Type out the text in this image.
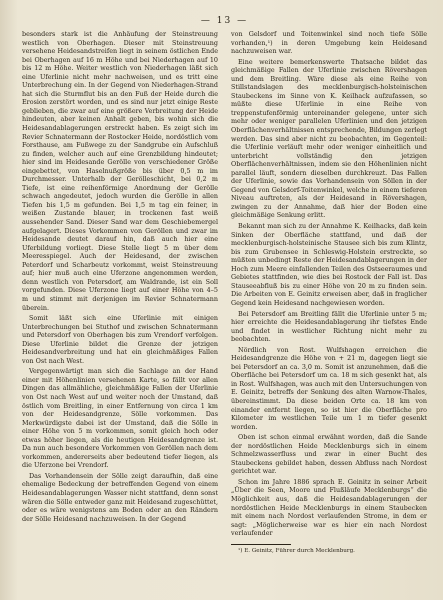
— 13 —

besonders stark ist die Anhäufung der Steinstreuung westlich von Oberhagen. Dieser mit Steinstreuung versehene Heidesandstreifen liegt in seinem östlichen Ende bei Oberhagen auf 16 m Höhe und bei Niederhagen auf 10 bis 12 m Höhe. Weiter westlich von Niederhagen läßt sich eine Uferlinie nicht mehr nachweisen, und es tritt eine Unterbrechung ein. In der Gegend von Niederhagen-Strand hat sich die Sturmflut bis an den Fuß der Heide durch die Erosion zerstört worden, und es sind nur jetzt einige Reste geblieben, die zwar auf eine größere Verbreitung der Heide hindeuten, aber keinen Anhalt geben, bis wohin sich die Heidesandablagerungen erstreckt haben. Es zeigt sich im Revier Schnatermann der Rostocker Heide, nordöstlich vom Forsthause, am Fußwege zu der Sandgrube ein Aufschluß zu finden, welcher auch auf eine Grenzbildung hindeutet; hier sind im Heidesande Gerölle von verschiedener Größe eingebettet, von Haselnußgröße bis über 0,5 m im Durchmesser. Unterhalb der Gerölleschicht, bei 0,2 m Tiefe, ist eine reihenförmige Anordnung der Gerölle schwach angedeutet, jedoch wurden die Gerölle in allen Tiefen bis 1,5 m gefunden. Bei 1,5 m tag ein feiner, in weißen Zustande blauer, in trockenen fast weiß aussehender Sand. Dieser Sand war dem Geschiebemergel aufgelagert. Dieses Vorkommen von Geröllen und zwar im Heidesande deutet darauf hin, daß auch hier eine Uferbildung vorliegt. Diese Stelle liegt 5 m über dem Meeresspiegel. Auch der Heidesand, der zwischen Peterdorf und Scharbeutz vorkommt, weist Steinstreuung auf; hier muß auch eine Uferzone angenommen werden, denn westlich von Petersdorf, am Waldrande, ist ein Soll vorgefunden. Diese Uferzone liegt auf einer Höhe von 4–5 m und stimmt mit derjenigen im Revier Schnatermann überein.

Somit läßt sich eine Uferlinie mit einigen Unterbrechungen bei Stuthof und zwischen Schnatermann und Petersdorf von Oberhagen bis zum Vrendorf verfolgen. Diese Uferlinie bildet die Grenze der jetzigen Heidesandverbreitung und hat ein gleichmäßiges Fallen von Ost nach West.

Vergegenwärtigt man sich die Sachlage an der Hand einer mit Höhenlinien versehenen Karte, so fällt vor allen Dingen das allmähliche, gleichmäßige Fallen der Uferlinie von Ost nach West auf und weiter noch der Umstand, daß östlich vom Breitling, in einer Entfernung von circa 1 km von der Heidesandgrenze, Sölle vorkommen. Das Merkwürdigste dabei ist der Umstand, daß die Sölle in einer Höhe von 5 m vorkommen, somit gleich hoch oder etwas höher liegen, als die heutigen Heidesandgrenze ist. Da nun auch besondere Vorkommen von Geröllen nach dem vorkommen, andererseits aber bedeutend tiefer liegen, als die Uferzone bei Vrendorf.

Das Vorhandensein der Sölle zeigt daraufhin, daß eine ehemalige Bedeckung der betreffenden Gegend von einem Heidesandablagerungen Wasser nicht stattfand, denn sonst wären die Sölle entweder ganz mit Heidesand zugeschüttet, oder es wäre wenigstens am Boden oder an den Rändern der Sölle Heidesand nachzuweisen. In der Gegend

von Gelsdorf und Toitenwinkel sind noch tiefe Sölle vorhanden,¹) in deren Umgebung kein Heidesand nachzuweisen war.

Eine weitere bemerkenswerte Thatsache bildet das gleichmäßige Fallen der Uferlinie zwischen Rövershagen und dem Breitling. Wäre diese als eine Reihe von Stillstandslagen des mecklenburgisch-holsteinischen Staubeckens im Sinne von K. Keilhack aufzufassen, so müßte diese Uferlinie in eine Reihe von treppenstufenförmig untereinander gelegene, unter sich mehr oder weniger parallelen Uferlinien und den jetzigen Oberflächenverhältnissen entsprechende, Bildungen zerlegt werden. Das sind aber nicht zu beobachten, im Gegenteil: die Uferlinie verläuft mehr oder weniger einheitlich und unterbricht vollständig den jetzigen Oberflächenverhältnissen, indem sie den Höhenlinien nicht parallel läuft, sondern dieselben durchkreuzt. Das Fallen der Uferlinie, sowie das Vorhandensein von Söllen in der Gegend von Gelsdorf-Toitenwinkel, welche in einem tieferen Niveau auftreten, als der Heidesand in Rövershagen, zwingen zu der Annahme, daß hier der Boden eine gleichmäßige Senkung erlitt.

Bekannt man sich zu der Annahme K. Keilhacks, daß kein Sinken der Oberfläche stattfand, und daß der mecklenburgisch-holsteinische Stausee sich bis zum Klintz, bis zum Grubensee in Schleswig-Holstein erstreckte, so müßten unbedingt Reste der Heidesandablagerungen in der Hoch zum Meere einfallenden Teilen des Ostseeraumes und Gebietes stattfinden, wie dies bei Rostock der Fall ist. Das Stauseeabfluß bis zu einer Höhe von 20 m zu finden sein. Die Arbeiten von E. Geinitz erweisen aber, daß in fraglicher Gegend kein Heidesand nachgewiesen worden.

Bei Petersdorf am Breitling fällt die Uferlinie unter 5 m; hier erreichte die Heidesandablagerung ihr tiefstes Ende und findet in westlicher Richtung nicht mehr zu beobachten.

Nördlich von Rost. Wulfshagen erreichen die Heidesandgrenze die Höhe von + 21 m, dagegen liegt sie bei Petersdorf an ca. 3,0 m. Somit ist anzunehmen, daß die Oberfläche bei Petersdorf um ca. 18 m sich gesenkt hat, als in Rost. Wulfshagen, was auch mit den Untersuchungen von E. Geinitz, betreffs der Senkung des alten Warnow-Thales, übereinstimmt. Da diese beiden Orte ca. 18 km von einander entfernt liegen, so ist hier die Oberfläche pro Kilometer im westlichen Teile um 1 m tiefer gesenkt worden.

Oben ist schon einmal erwähnt worden, daß die Sande der nordöstlichen Heide Mecklenburgs sich in einem Schmelzwasserfluss und zwar in einer Bucht des Staubeckens gebildet haben, dessen Abfluss nach Nordost gerichtet war.

Schon im Jahre 1886 sprach E. Geinitz in seiner Arbeit „Über die Seen, Moore und Flußläufe Mecklenburgs“ die Möglichkeit aus, daß die Heidesandablagerungen der nordöstlichen Heide Mecklenburgs in einem Staubecken mit einem nach Nordost verlaufenden Strome, in dem er sagt: „Möglicherweise war es hier ein nach Nordost verlaufender

¹) E. Geinitz, Führer durch Mecklenburg.
